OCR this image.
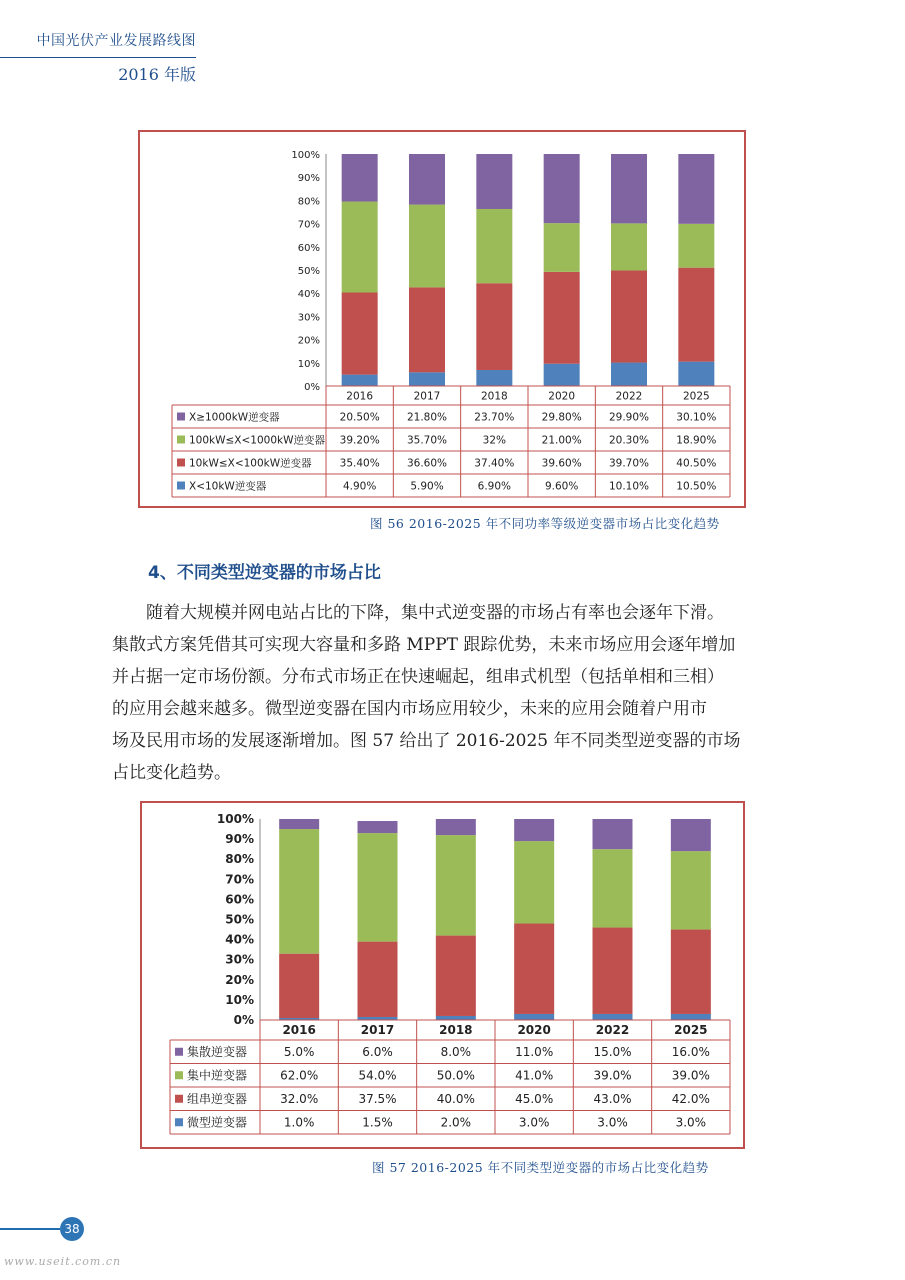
中国光伏产业发展路线图
2016 年版
0%
10%
20%
30%
40%
50%
60%
70%
80%
90%
100%
2016	2017	2018	2020	2022	2025
X≥1000kW逆变器	20.50%	21.80%	23.70%	29.80%	29.90%	30.10%
100kW≤X<1000kW逆变器 39.20%	35.70%	32%	21.00%	20.30%	18.90%
10kW≤X<100kW逆变器	35.40%	36.60%	37.40%	39.60%	39.70%	40.50%
X<10kW逆变器	4.90%	5.90%	6.90%	9.60%	10.10%	10.50%
图 56 2016-2025 年不同功率等级逆变器市场占比变化趋势
4、不同类型逆变器的市场占比
　　随着大规模并网电站占比的下降，集中式逆变器的市场占有率也会逐年下滑。
集散式方案凭借其可实现大容量和多路 MPPT 跟踪优势，未来市场应用会逐年增加
并占据一定市场份额。分布式市场正在快速崛起，组串式机型（包括单相和三相）
的应用会越来越多。微型逆变器在国内市场应用较少，未来的应用会随着户用市
场及民用市场的发展逐渐增加。图 57 给出了 2016-2025 年不同类型逆变器的市场
占比变化趋势。
0%
10%
20%
30%
40%
50%
60%
70%
80%
90%
100%
2016	2017	2018	2020	2022	2025
集散逆变器	5.0%	6.0%	8.0%	11.0%	15.0%	16.0%
集中逆变器	62.0%	54.0%	50.0%	41.0%	39.0%	39.0%
组串逆变器	32.0%	37.5%	40.0%	45.0%	43.0%	42.0%
微型逆变器	1.0%	1.5%	2.0%	3.0%	3.0%	3.0%
图 57 2016-2025 年不同类型逆变器的市场占比变化趋势
38
www.useit.com.cn
